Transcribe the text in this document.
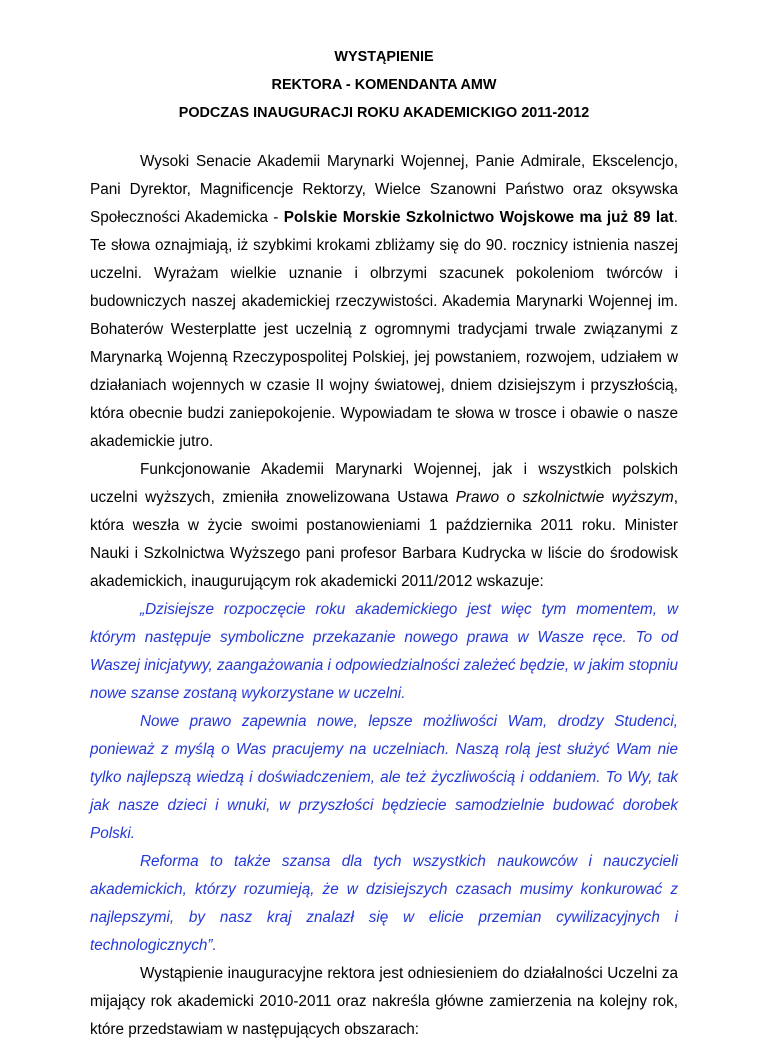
WYSTĄPIENIE
REKTORA - KOMENDANTA AMW
PODCZAS INAUGURACJI ROKU AKADEMICKIGO 2011-2012

Wysoki Senacie Akademii Marynarki Wojennej, Panie Admirale, Ekscelencjo, Pani Dyrektor, Magnificencje Rektorzy, Wielce Szanowni Państwo oraz oksywska Społeczności Akademicka - Polskie Morskie Szkolnictwo Wojskowe ma już 89 lat. Te słowa oznajmiają, iż szybkimi krokami zbliżamy się do 90. rocznicy istnienia naszej uczelni. Wyrażam wielkie uznanie i olbrzymi szacunek pokoleniom twórców i budowniczych naszej akademickiej rzeczywistości. Akademia Marynarki Wojennej im. Bohaterów Westerplatte jest uczelnią z ogromnymi tradycjami trwale związanymi z Marynarką Wojenną Rzeczypospolitej Polskiej, jej powstaniem, rozwojem, udziałem w działaniach wojennych w czasie II wojny światowej, dniem dzisiejszym i przyszłością, która obecnie budzi zaniepokojenie. Wypowiadam te słowa w trosce i obawie o nasze akademickie jutro.

Funkcjonowanie Akademii Marynarki Wojennej, jak i wszystkich polskich uczelni wyższych, zmieniła znowelizowana Ustawa Prawo o szkolnictwie wyższym, która weszła w życie swoimi postanowieniami 1 października 2011 roku. Minister Nauki i Szkolnictwa Wyższego pani profesor Barbara Kudrycka w liście do środowisk akademickich, inaugurującym rok akademicki 2011/2012 wskazuje:

„Dzisiejsze rozpoczęcie roku akademickiego jest więc tym momentem, w którym następuje symboliczne przekazanie nowego prawa w Wasze ręce. To od Waszej inicjatywy, zaangażowania i odpowiedzialności zależeć będzie, w jakim stopniu nowe szanse zostaną wykorzystane w uczelni.

Nowe prawo zapewnia nowe, lepsze możliwości Wam, drodzy Studenci, ponieważ z myślą o Was pracujemy na uczelniach. Naszą rolą jest służyć Wam nie tylko najlepszą wiedzą i doświadczeniem, ale też życzliwością i oddaniem. To Wy, tak jak nasze dzieci i wnuki, w przyszłości będziecie samodzielnie budować dorobek Polski.

Reforma to także szansa dla tych wszystkich naukowców i nauczycieli akademickich, którzy rozumieją, że w dzisiejszych czasach musimy konkurować z najlepszymi, by nasz kraj znalazł się w elicie przemian cywilizacyjnych i technologicznych”.

Wystąpienie inauguracyjne rektora jest odniesieniem do działalności Uczelni za mijający rok akademicki 2010-2011 oraz nakreśla główne zamierzenia na kolejny rok, które przedstawiam w następujących obszarach:
